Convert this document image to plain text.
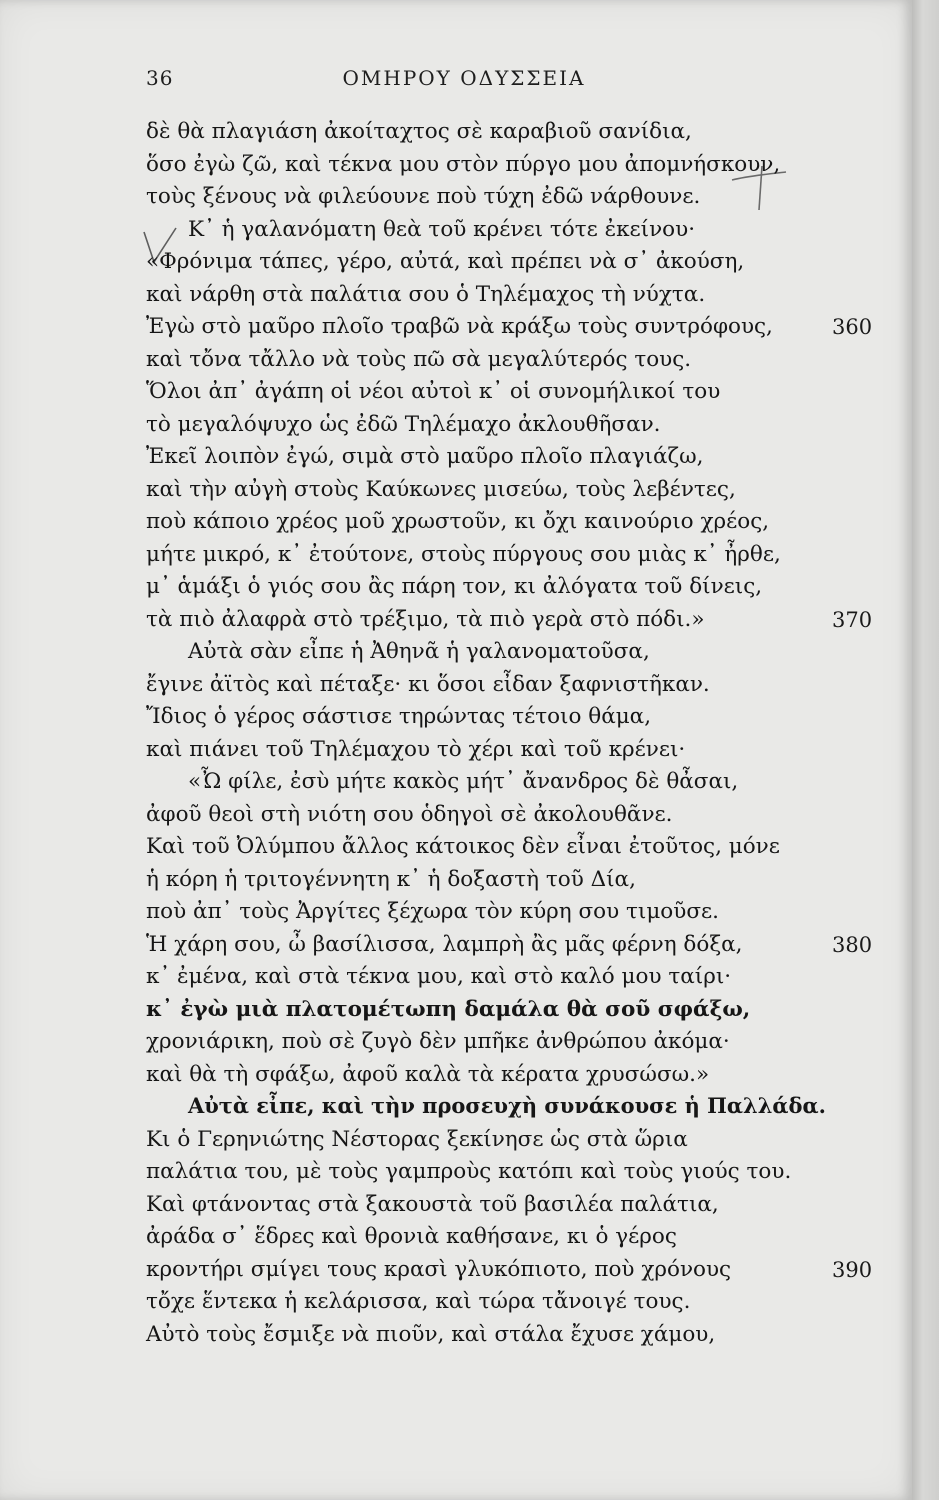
36	ΟΜΗΡΟΥ ΟΔΥΣΣΕΙΑ
δὲ θὰ πλαγιάση ἀκοίταχτος σὲ καραβιοῦ σανίδια,
ὅσο ἐγὼ ζῶ, καὶ τέκνα μου στὸν πύργο μου ἀπομνήσκουν,
τοὺς ξένους νὰ φιλεύουνε ποὺ τύχη ἐδῶ νάρθουνε.
Κ᾽ ἡ γαλανόματη θεὰ τοῦ κρένει τότε ἐκείνου·
«Φρόνιμα τάπες, γέρο, αὐτά, καὶ πρέπει νὰ σ᾽ ἀκούση,
καὶ νάρθη στὰ παλάτια σου ὁ Τηλέμαχος τὴ νύχτα.
Ἐγὼ στὸ μαῦρο πλοῖο τραβῶ νὰ κράξω τοὺς συντρόφους,	360
καὶ τὄνα τἄλλο νὰ τοὺς πῶ σὰ μεγαλύτερός τους.
Ὅλοι ἀπ᾽ ἀγάπη οἱ νέοι αὐτοὶ κ᾽ οἱ συνομήλικοί του
τὸ μεγαλόψυχο ὡς ἐδῶ Τηλέμαχο ἀκλουθῆσαν.
Ἐκεῖ λοιπὸν ἐγώ, σιμὰ στὸ μαῦρο πλοῖο πλαγιάζω,
καὶ τὴν αὐγὴ στοὺς Καύκωνες μισεύω, τοὺς λεβέντες,
ποὺ κάποιο χρέος μοῦ χρωστοῦν, κι ὄχι καινούριο χρέος,
μήτε μικρό, κ᾽ ἐτούτονε, στοὺς πύργους σου μιὰς κ᾽ ἦρθε,
μ᾽ ἁμάξι ὁ γιός σου ἂς πάρη τον, κι ἀλόγατα τοῦ δίνεις,
τὰ πιὸ ἀλαφρὰ στὸ τρέξιμο, τὰ πιὸ γερὰ στὸ πόδι.»	370
Αὐτὰ σὰν εἶπε ἡ Ἀθηνᾶ ἡ γαλανοματοῦσα,
ἔγινε ἀϊτὸς καὶ πέταξε· κι ὅσοι εἶδαν ξαφνιστῆκαν.
Ἴδιος ὁ γέρος σάστισε τηρώντας τέτοιο θάμα,
καὶ πιάνει τοῦ Τηλέμαχου τὸ χέρι καὶ τοῦ κρένει·
«Ὦ φίλε, ἐσὺ μήτε κακὸς μήτ᾽ ἄνανδρος δὲ θἆσαι,
ἀφοῦ θεοὶ στὴ νιότη σου ὁδηγοὶ σὲ ἀκολουθᾶνε.
Καὶ τοῦ Ὀλύμπου ἄλλος κάτοικος δὲν εἶναι ἐτοῦτος, μόνε
ἡ κόρη ἡ τριτογέννητη κ᾽ ἡ δοξαστὴ τοῦ Δία,
ποὺ ἀπ᾽ τοὺς Ἀργίτες ξέχωρα τὸν κύρη σου τιμοῦσε.
Ἡ χάρη σου, ὦ βασίλισσα, λαμπρὴ ἂς μᾶς φέρνη δόξα,	380
κ᾽ ἐμένα, καὶ στὰ τέκνα μου, καὶ στὸ καλό μου ταίρι·
κ᾽ ἐγὼ μιὰ πλατομέτωπη δαμάλα θὰ σοῦ σφάξω,
χρονιάρικη, ποὺ σὲ ζυγὸ δὲν μπῆκε ἀνθρώπου ἀκόμα·
καὶ θὰ τὴ σφάξω, ἀφοῦ καλὰ τὰ κέρατα χρυσώσω.»
Αὐτὰ εἶπε, καὶ τὴν προσευχὴ συνάκουσε ἡ Παλλάδα.
Κι ὁ Γερηνιώτης Νέστορας ξεκίνησε ὡς στὰ ὥρια
παλάτια του, μὲ τοὺς γαμπροὺς κατόπι καὶ τοὺς γιούς του.
Καὶ φτάνοντας στὰ ξακουστὰ τοῦ βασιλέα παλάτια,
ἀράδα σ᾽ ἕδρες καὶ θρονιὰ καθήσανε, κι ὁ γέρος
κροντήρι σμίγει τους κρασὶ γλυκόπιοτο, ποὺ χρόνους	390
τὄχε ἕντεκα ἡ κελάρισσα, καὶ τώρα τἄνοιγέ τους.
Αὐτὸ τοὺς ἔσμιξε νὰ πιοῦν, καὶ στάλα ἔχυσε χάμου,
